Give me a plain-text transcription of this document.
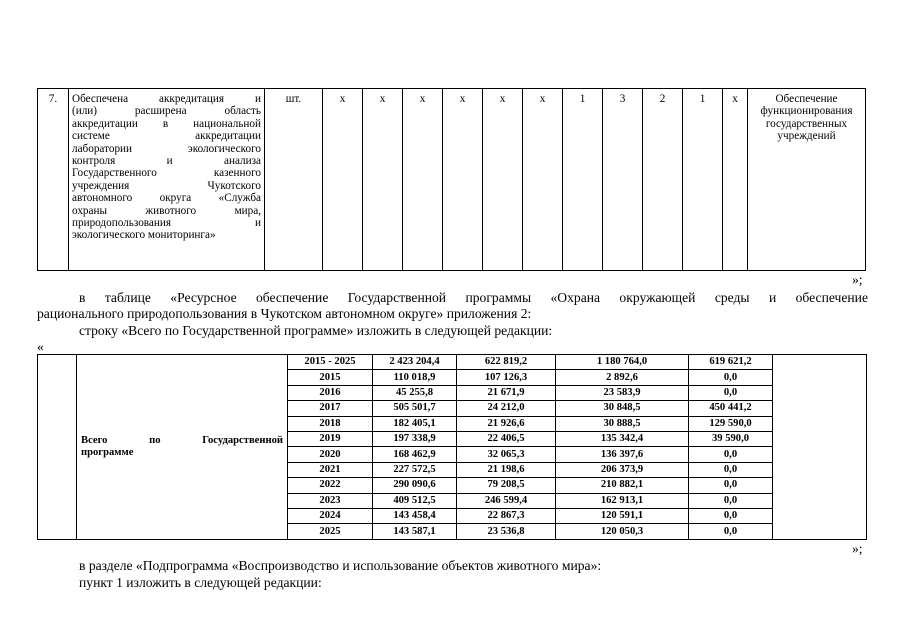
7.	Обеспечена аккредитация и
(или) расширена область
аккредитации в национальной
системе аккредитации
лаборатории экологического
контроля и анализа
Государственного казенного
учреждения Чукотского
автономного округа «Служба
охраны животного мира,
природопользования и
экологического мониторинга»
	шт.	х	х	х	х	х	х	1	3	2	1	х	Обеспечение функционирования государственных учреждений
»;
в таблице «Ресурсное обеспечение Государственной программы «Охрана окружающей среды и обеспечение
рационального природопользования в Чукотском автономном округе» приложения 2:
строку «Всего по Государственной программе» изложить в следующей редакции:
«

	Всего по Государственной
программе	2015 - 2025	2 423 204,4	622 819,2	1 180 764,0	619 621,2	
		2015	110 018,9	107 126,3	2 892,6	0,0	
		2016	45 255,8	21 671,9	23 583,9	0,0	
		2017	505 501,7	24 212,0	30 848,5	450 441,2	
		2018	182 405,1	21 926,6	30 888,5	129 590,0	
		2019	197 338,9	22 406,5	135 342,4	39 590,0	
		2020	168 462,9	32 065,3	136 397,6	0,0	
		2021	227 572,5	21 198,6	206 373,9	0,0	
		2022	290 090,6	79 208,5	210 882,1	0,0	
		2023	409 512,5	246 599,4	162 913,1	0,0	
		2024	143 458,4	22 867,3	120 591,1	0,0	
		2025	143 587,1	23 536,8	120 050,3	0,0	
»;
в разделе «Подпрограмма «Воспроизводство и использование объектов животного мира»:
пункт 1 изложить в следующей редакции:
